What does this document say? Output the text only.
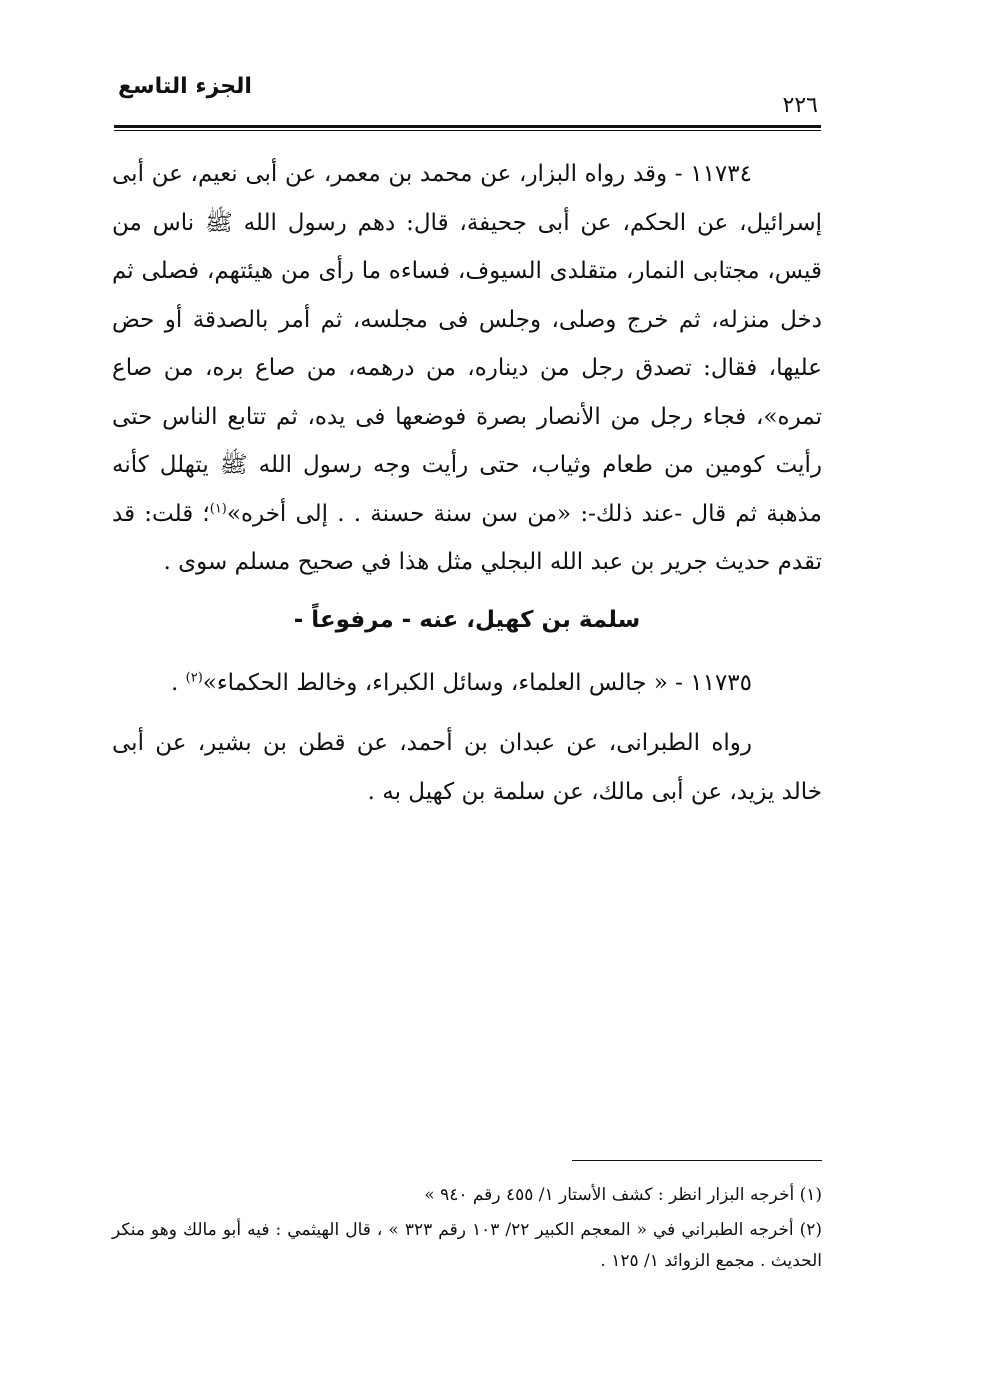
الجزء التاسع
٢٢٦

١١٧٣٤ - وقد رواه البزار، عن محمد بن معمر، عن أبى نعيم، عن أبى إسرائيل، عن الحكم، عن أبى جحيفة، قال: دهم رسول الله ﷺ ناس من قيس، مجتابى النمار، متقلدى السيوف، فساءه ما رأى من هيئتهم، فصلى ثم دخل منزله، ثم خرج وصلى، وجلس فى مجلسه، ثم أمر بالصدقة أو حض عليها، فقال: تصدق رجل من ديناره، من درهمه، من صاع بره، من صاع تمره»، فجاء رجل من الأنصار بصرة فوضعها فى يده، ثم تتابع الناس حتى رأيت كومين من طعام وثياب، حتى رأيت وجه رسول الله ﷺ يتهلل كأنه مذهبة ثم قال -عند ذلك-: «من سن سنة حسنة . . إلى أخره»$^{(١)}$؛ قلت: قد تقدم حديث جرير بن عبد الله البجلي مثل هذا في صحيح مسلم سوى .

سلمة بن كهيل، عنه - مرفوعاً -

١١٧٣٥ - « جالس العلماء، وسائل الكبراء، وخالط الحكماء»$^{(٢)}$ .

رواه الطبرانى، عن عبدان بن أحمد، عن قطن بن بشير، عن أبى خالد يزيد، عن أبى مالك، عن سلمة بن كهيل به .

(١) أخرجه البزار انظر : كشف الأستار ١/ ٤٥٥ رقم ٩٤٠ »

(٢) أخرجه الطبراني في « المعجم الكبير ٢٢/ ١٠٣ رقم ٣٢٣ » ، قال الهيثمي : فيه أبو مالك وهو منكر الحديث . مجمع الزوائد ١/ ١٢٥ .
